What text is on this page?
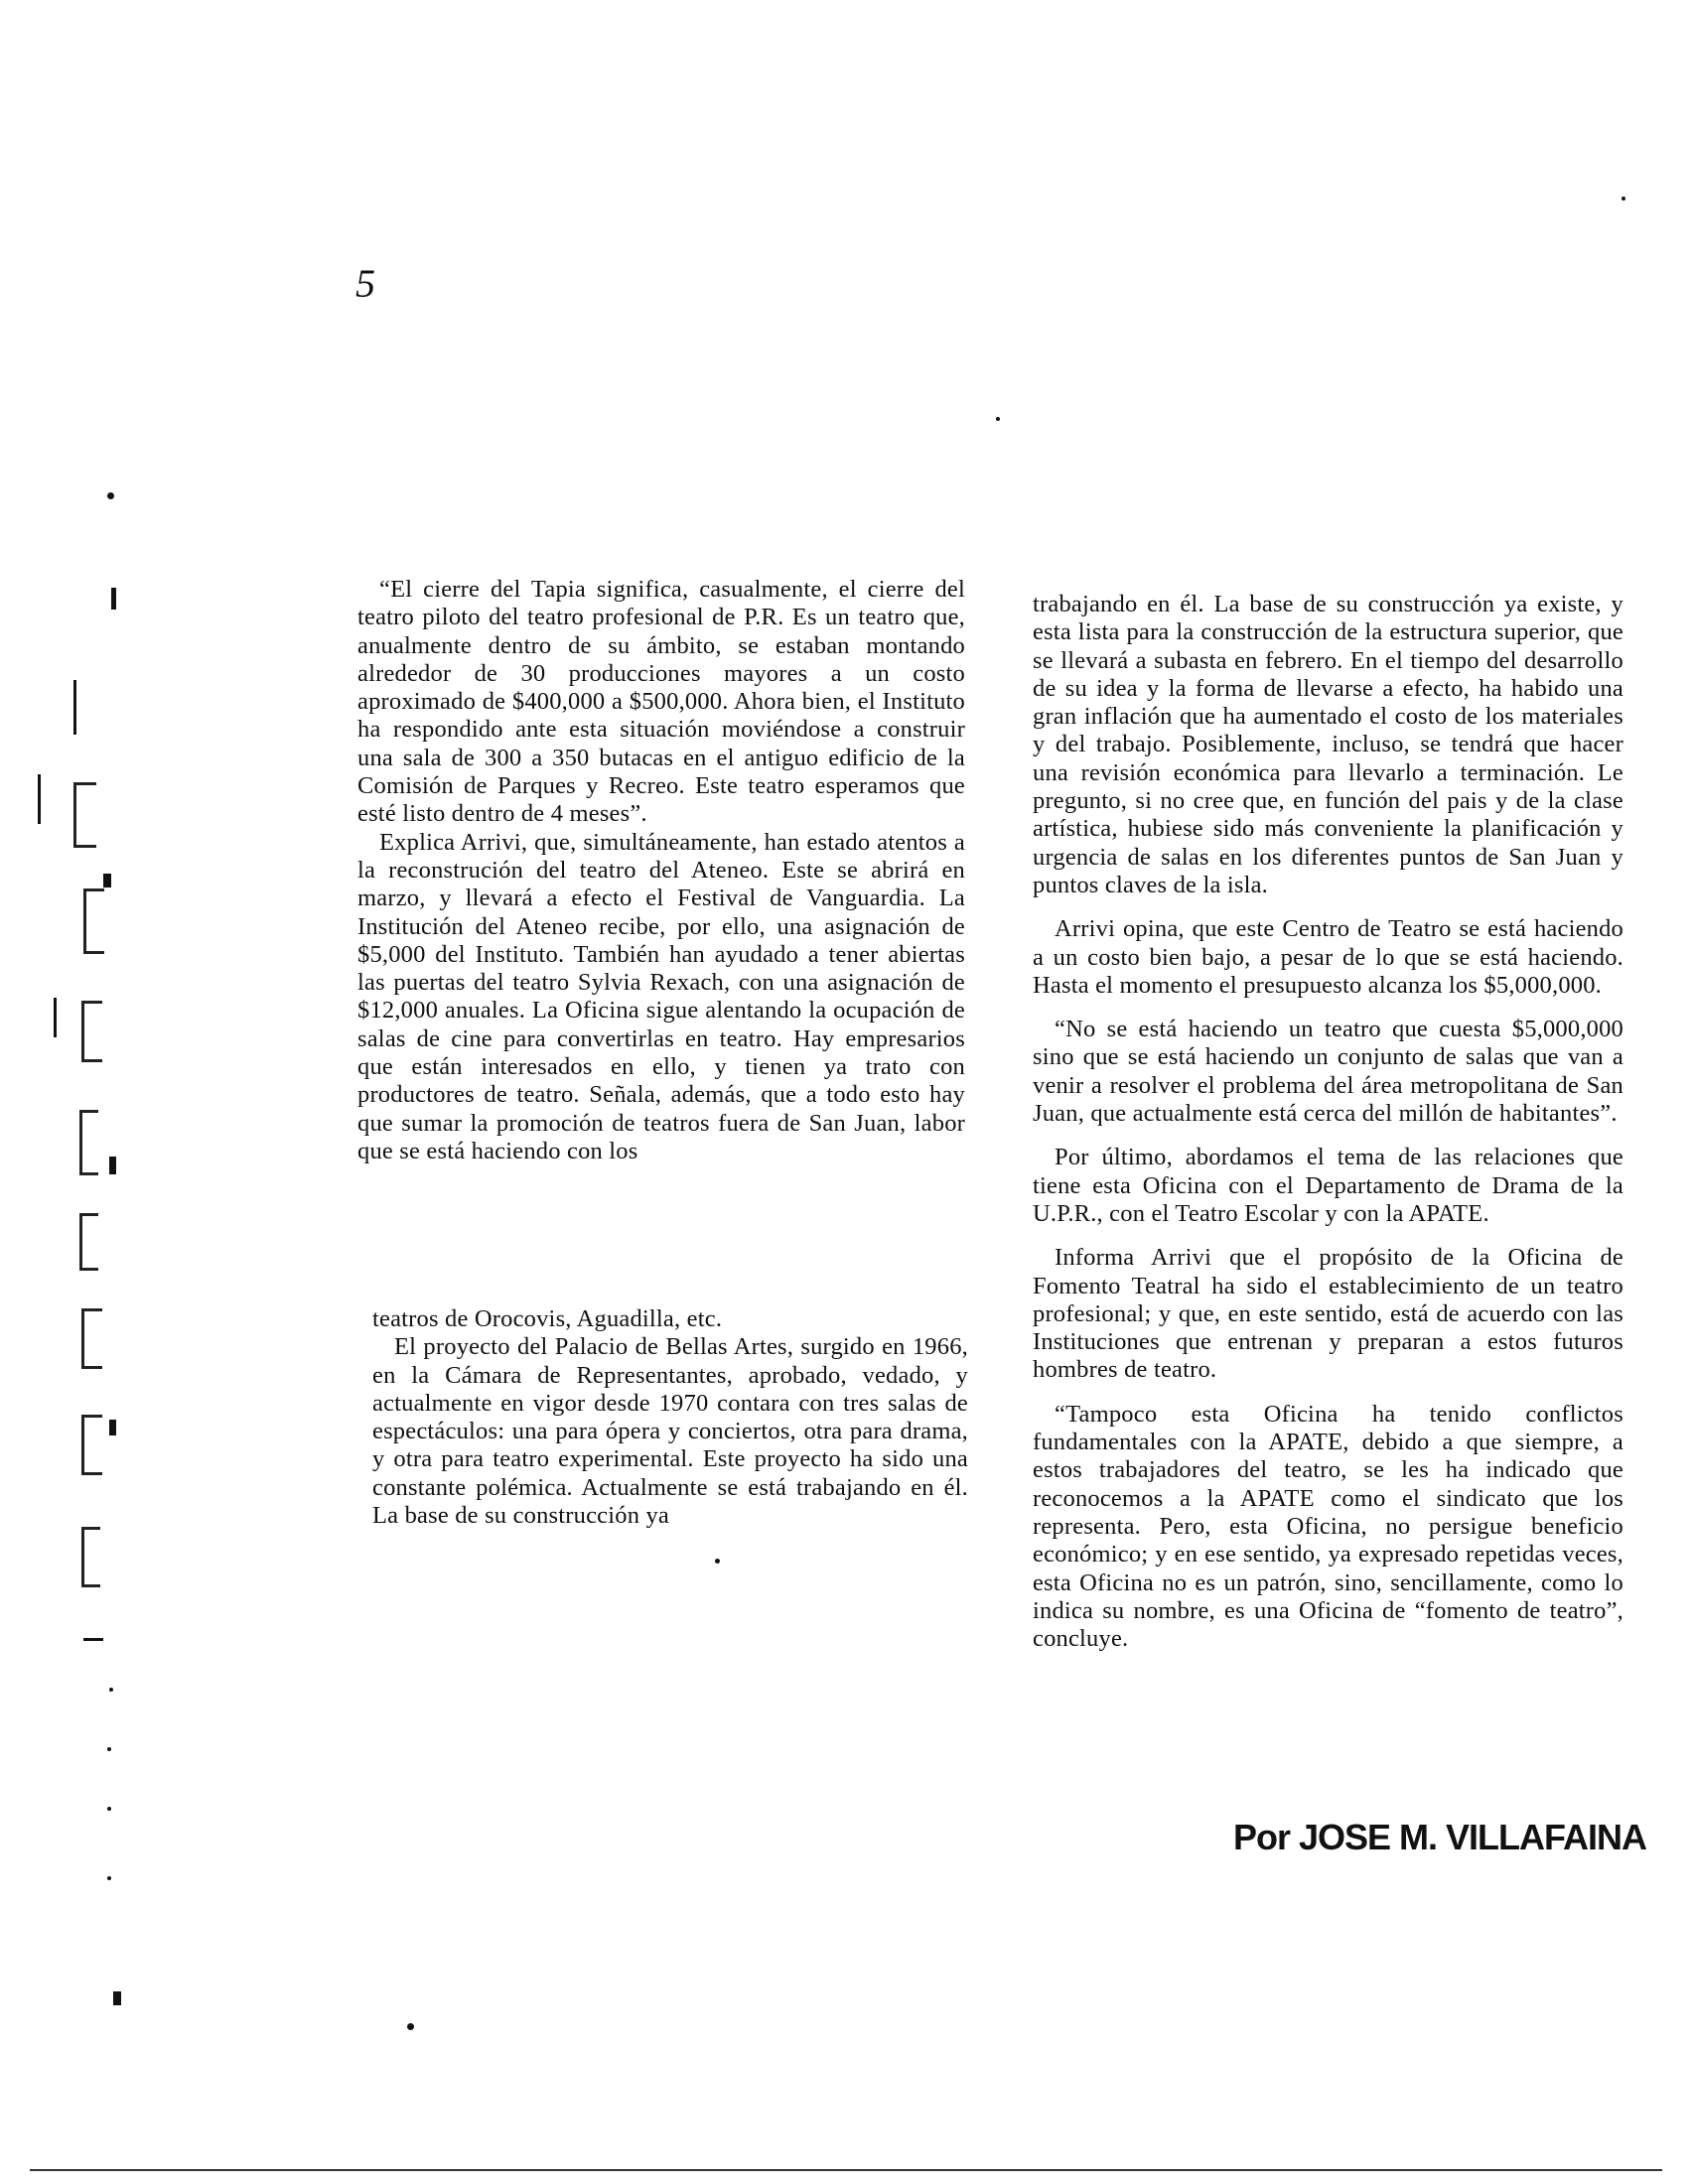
5

“El cierre del Tapia significa, casualmente, el cierre del teatro piloto del teatro profesional de P.R. Es un teatro que, anualmente dentro de su ámbito, se estaban montando alrededor de 30 producciones mayores a un costo aproximado de $400,000 a $500,000. Ahora bien, el Instituto ha respondido ante esta situación moviéndose a construir una sala de 300 a 350 butacas en el antiguo edificio de la Comisión de Parques y Recreo. Este teatro esperamos que esté listo dentro de 4 meses”.

Explica Arrivi, que, simultáneamente, han estado atentos a la reconstrución del teatro del Ateneo. Este se abrirá en marzo, y llevará a efecto el Festival de Vanguardia. La Institución del Ateneo recibe, por ello, una asignación de $5,000 del Instituto. También han ayudado a tener abiertas las puertas del teatro Sylvia Rexach, con una asignación de $12,000 anuales. La Oficina sigue alentando la ocupación de salas de cine para convertirlas en teatro. Hay empresarios que están interesados en ello, y tienen ya trato con productores de teatro. Señala, además, que a todo esto hay que sumar la promoción de teatros fuera de San Juan, labor que se está haciendo con los

teatros de Orocovis, Aguadilla, etc.

El proyecto del Palacio de Bellas Artes, surgido en 1966, en la Cámara de Representantes, aprobado, vedado, y actualmente en vigor desde 1970 contara con tres salas de espectáculos: una para ópera y conciertos, otra para drama, y otra para teatro experimental. Este proyecto ha sido una constante polémica. Actualmente se está trabajando en él. La base de su construcción ya

trabajando en él. La base de su construcción ya existe, y esta lista para la construcción de la estructura superior, que se llevará a subasta en febrero. En el tiempo del desarrollo de su idea y la forma de llevarse a efecto, ha habido una gran inflación que ha aumentado el costo de los materiales y del trabajo. Posiblemente, incluso, se tendrá que hacer una revisión económica para llevarlo a terminación. Le pregunto, si no cree que, en función del pais y de la clase artística, hubiese sido más conveniente la planificación y urgencia de salas en los diferentes puntos de San Juan y puntos claves de la isla.

Arrivi opina, que este Centro de Teatro se está haciendo a un costo bien bajo, a pesar de lo que se está haciendo. Hasta el momento el presupuesto alcanza los $5,000,000.

“No se está haciendo un teatro que cuesta $5,000,000 sino que se está haciendo un conjunto de salas que van a venir a resolver el problema del área metropolitana de San Juan, que actualmente está cerca del millón de habitantes”.

Por último, abordamos el tema de las relaciones que tiene esta Oficina con el Departamento de Drama de la U.P.R., con el Teatro Escolar y con la APATE.

Informa Arrivi que el propósito de la Oficina de Fomento Teatral ha sido el establecimiento de un teatro profesional; y que, en este sentido, está de acuerdo con las Instituciones que entrenan y preparan a estos futuros hombres de teatro.

“Tampoco esta Oficina ha tenido conflictos fundamentales con la APATE, debido a que siempre, a estos trabajadores del teatro, se les ha indicado que reconocemos a la APATE como el sindicato que los representa. Pero, esta Oficina, no persigue beneficio económico; y en ese sentido, ya expresado repetidas veces, esta Oficina no es un patrón, sino, sencillamente, como lo indica su nombre, es una Oficina de “fomento de teatro”, concluye.

Por JOSE M. VILLAFAINA
